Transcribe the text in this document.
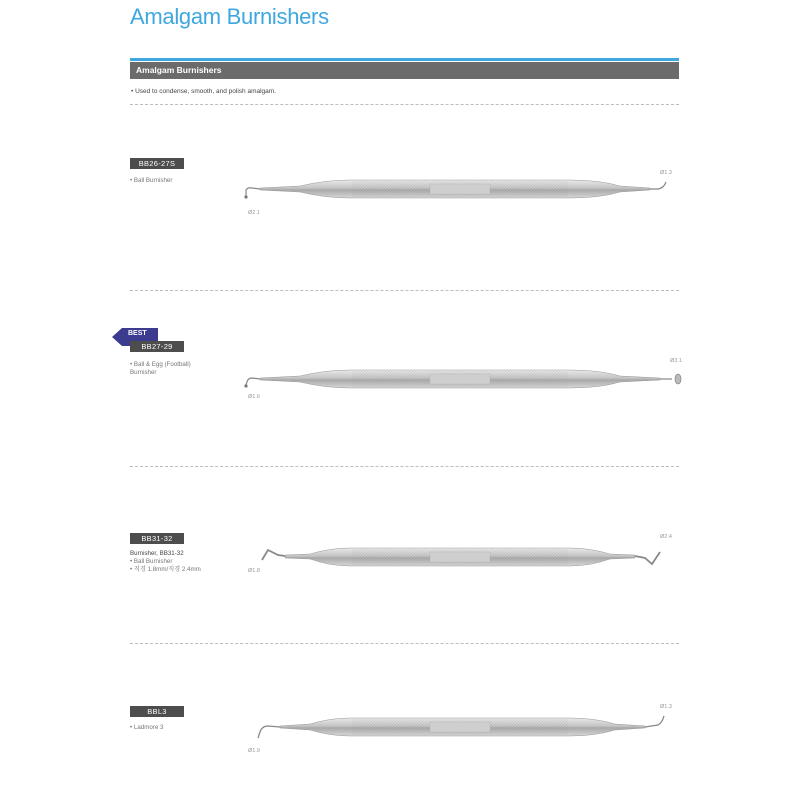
Amalgam Burnishers
Amalgam Burnishers
• Used to condense, smooth, and polish amalgam.
BB26-27S
• Ball Burnisher
Ø2.1
Ø1.3
BEST
BB27-29
• Ball & Egg (Football)
Burnisher
Ø1.6
Ø3.1
BB31-32
Burnisher, BB31-32
• Ball Burnisher
• 직경 1.8mm/직경 2.4mm	Ø1.8
Ø2.4
BBL3
• Ladmore 3
Ø1.9
Ø1.3
